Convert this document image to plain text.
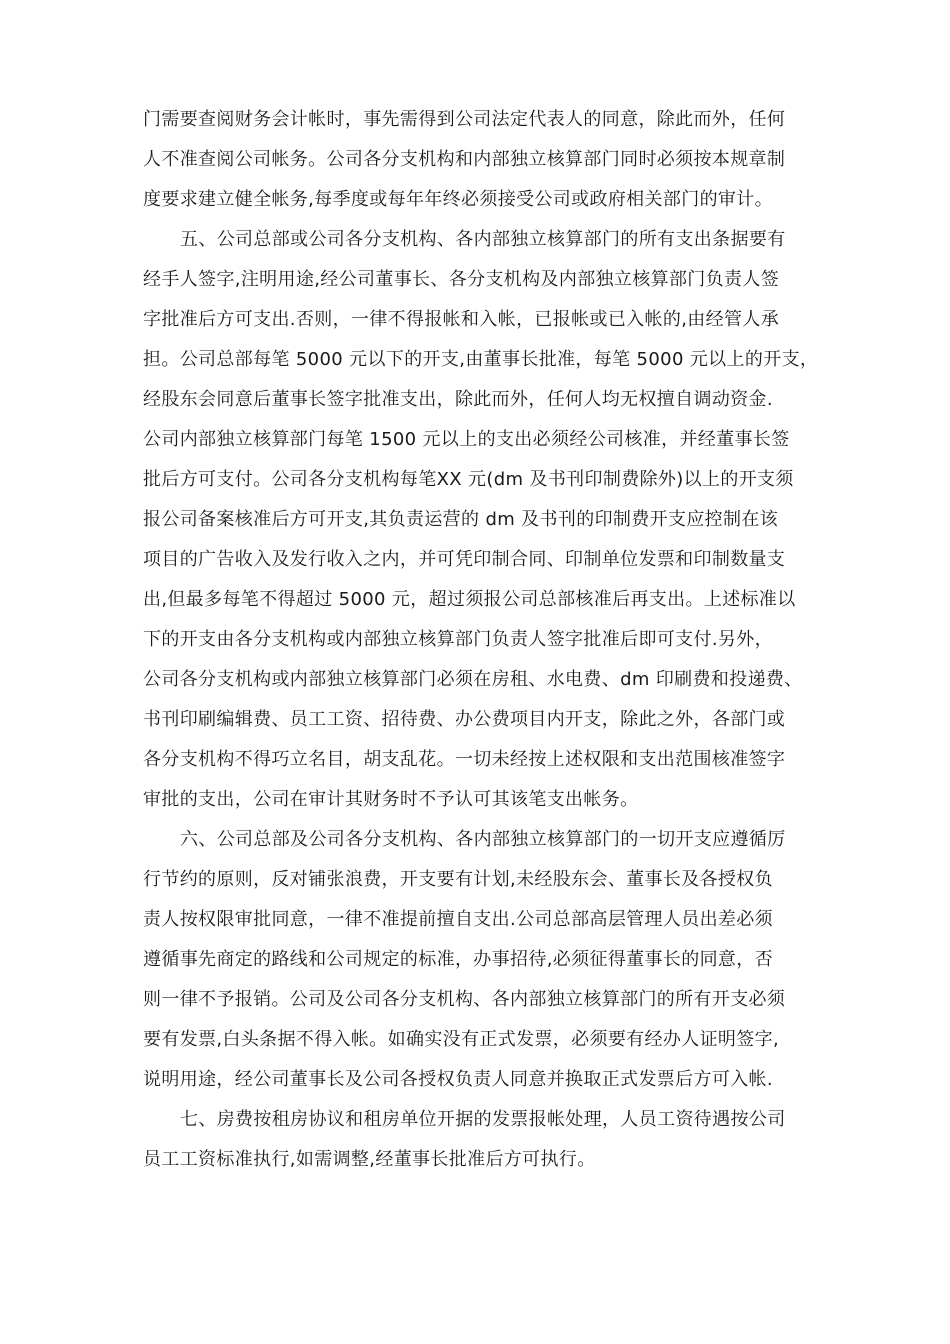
门需要查阅财务会计帐时，事先需得到公司法定代表人的同意，除此而外，任何
人不准查阅公司帐务。公司各分支机构和内部独立核算部门同时必须按本规章制
度要求建立健全帐务,每季度或每年年终必须接受公司或政府相关部门的审计。
五、公司总部或公司各分支机构、各内部独立核算部门的所有支出条据要有
经手人签字,注明用途,经公司董事长、各分支机构及内部独立核算部门负责人签
字批准后方可支出.否则，一律不得报帐和入帐，已报帐或已入帐的,由经管人承
担。公司总部每笔 5000 元以下的开支,由董事长批准，每笔 5000 元以上的开支，
经股东会同意后董事长签字批准支出，除此而外，任何人均无权擅自调动资金.
公司内部独立核算部门每笔 1500 元以上的支出必须经公司核准，并经董事长签
批后方可支付。公司各分支机构每笔XX 元(dm 及书刊印制费除外)以上的开支须
报公司备案核准后方可开支,其负责运营的 dm 及书刊的印制费开支应控制在该
项目的广告收入及发行收入之内，并可凭印制合同、印制单位发票和印制数量支
出,但最多每笔不得超过 5000 元，超过须报公司总部核准后再支出。上述标准以
下的开支由各分支机构或内部独立核算部门负责人签字批准后即可支付.另外，
公司各分支机构或内部独立核算部门必须在房租、水电费、dm 印刷费和投递费、
书刊印刷编辑费、员工工资、招待费、办公费项目内开支，除此之外，各部门或
各分支机构不得巧立名目，胡支乱花。一切未经按上述权限和支出范围核准签字
审批的支出，公司在审计其财务时不予认可其该笔支出帐务。
六、公司总部及公司各分支机构、各内部独立核算部门的一切开支应遵循厉
行节约的原则，反对铺张浪费，开支要有计划,未经股东会、董事长及各授权负
责人按权限审批同意，一律不准提前擅自支出.公司总部高层管理人员出差必须
遵循事先商定的路线和公司规定的标准，办事招待,必须征得董事长的同意，否
则一律不予报销。公司及公司各分支机构、各内部独立核算部门的所有开支必须
要有发票,白头条据不得入帐。如确实没有正式发票，必须要有经办人证明签字,
说明用途，经公司董事长及公司各授权负责人同意并换取正式发票后方可入帐.
七、房费按租房协议和租房单位开据的发票报帐处理，人员工资待遇按公司
员工工资标准执行,如需调整,经董事长批准后方可执行。
